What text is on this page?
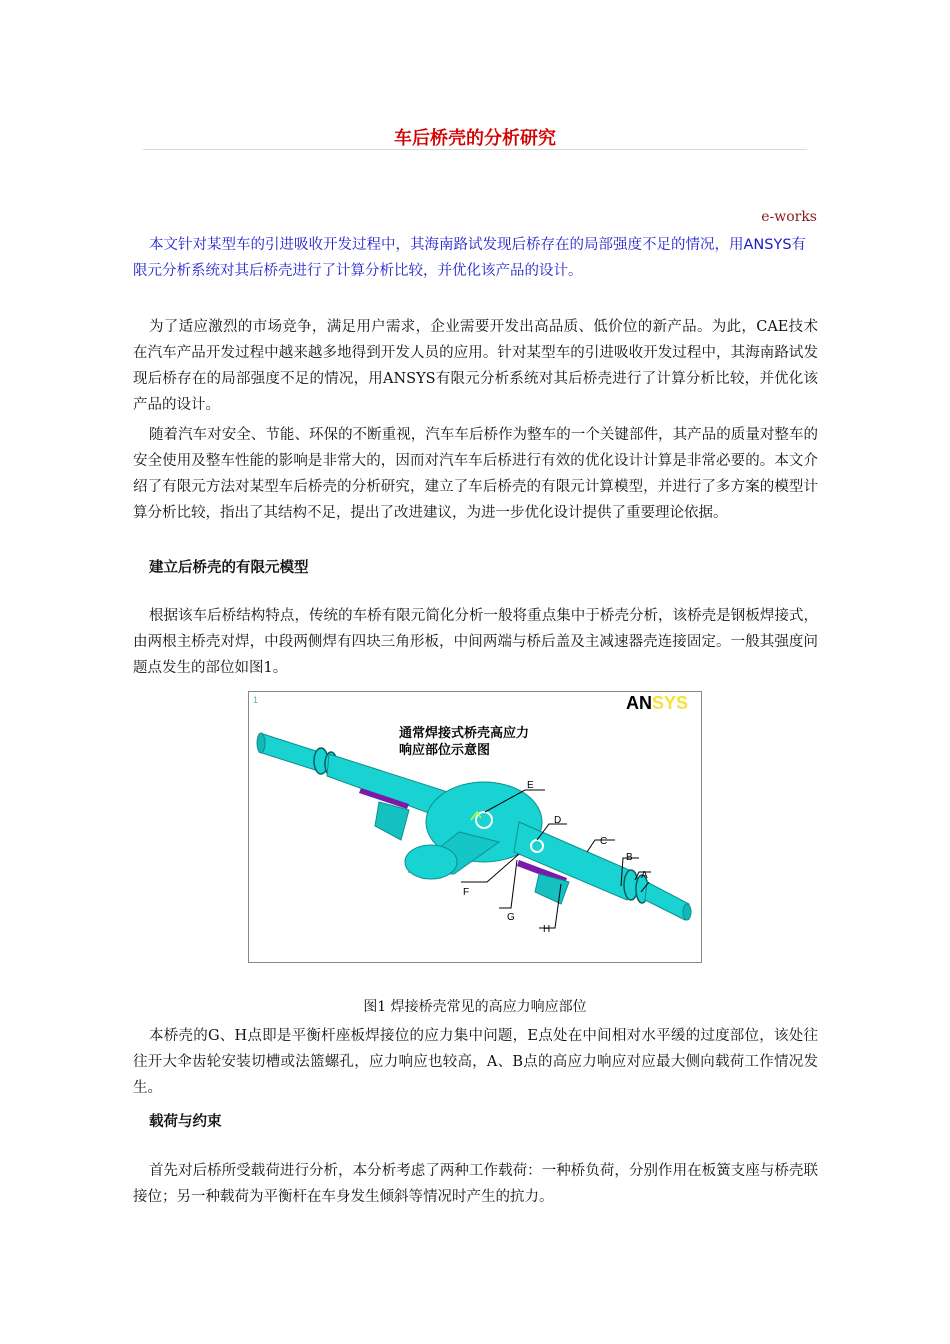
车后桥壳的分析研究
e-works
本文针对某型车的引进吸收开发过程中，其海南路试发现后桥存在的局部强度不足的情况，用ANSYS有限元分析系统对其后桥壳进行了计算分析比较，并优化该产品的设计。
为了适应激烈的市场竞争，满足用户需求，企业需要开发出高品质、低价位的新产品。为此，CAE技术在汽车产品开发过程中越来越多地得到开发人员的应用。针对某型车的引进吸收开发过程中，其海南路试发现后桥存在的局部强度不足的情况，用ANSYS有限元分析系统对其后桥壳进行了计算分析比较，并优化该产品的设计。
随着汽车对安全、节能、环保的不断重视，汽车车后桥作为整车的一个关键部件，其产品的质量对整车的安全使用及整车性能的影响是非常大的，因而对汽车车后桥进行有效的优化设计计算是非常必要的。本文介绍了有限元方法对某型车后桥壳的分析研究，建立了车后桥壳的有限元计算模型，并进行了多方案的模型计算分析比较，指出了其结构不足，提出了改进建议，为进一步优化设计提供了重要理论依据。
建立后桥壳的有限元模型
根据该车后桥结构特点，传统的车桥有限元简化分析一般将重点集中于桥壳分析，该桥壳是钢板焊接式，由两根主桥壳对焊，中段两侧焊有四块三角形板，中间两端与桥后盖及主减速器壳连接固定。一般其强度问题点发生的部位如图1。
1	ANSYS
通常焊接式桥壳高应力
响应部位示意图
A
B
C
D
E
F
G
H
图1 焊接桥壳常见的高应力响应部位
本桥壳的G、H点即是平衡杆座板焊接位的应力集中问题，E点处在中间相对水平缓的过度部位，该处往往开大伞齿轮安装切槽或法篮螺孔，应力响应也较高，A、B点的高应力响应对应最大侧向载荷工作情况发生。
载荷与约束
首先对后桥所受载荷进行分析，本分析考虑了两种工作载荷：一种桥负荷，分别作用在板簧支座与桥壳联接位；另一种载荷为平衡杆在车身发生倾斜等情况时产生的抗力。
